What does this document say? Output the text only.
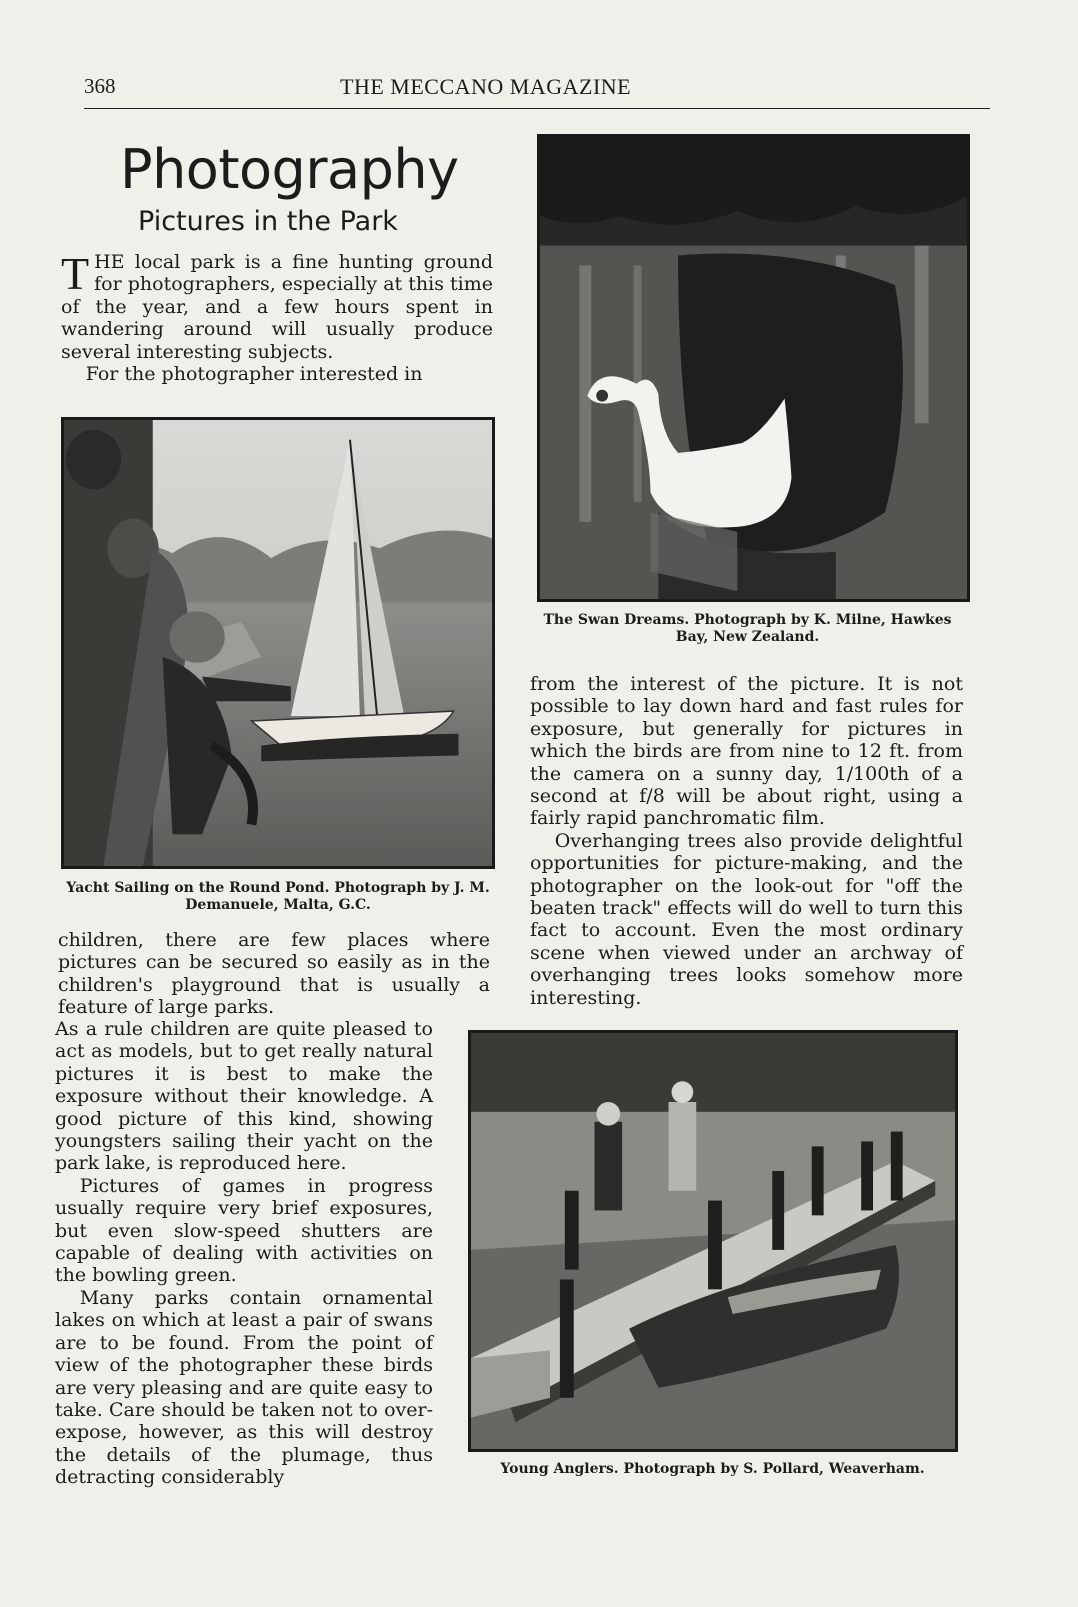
368	THE MECCANO MAGAZINE
Photography
Pictures in the Park

THE local park is a fine hunting ground for photographers, especially at this time of the year, and a few hours spent in wandering around will usually produce several interesting subjects.

For the photographer interested in

Yacht Sailing on the Round Pond. Photograph by J. M. Demanuele, Malta, G.C.

children, there are few places where pictures can be secured so easily as in the children's playground that is usually a feature of large parks.

As a rule children are quite pleased to act as models, but to get really natural pictures it is best to make the exposure without their knowledge. A good picture of this kind, showing youngsters sailing their yacht on the park lake, is reproduced here.

Pictures of games in progress usually require very brief exposures, but even slow-speed shutters are capable of dealing with activities on the bowling green.

Many parks contain ornamental lakes on which at least a pair of swans are to be found. From the point of view of the photographer these birds are very pleasing and are quite easy to take. Care should be taken not to over-expose, however, as this will destroy the details of the plumage, thus detracting considerably

The Swan Dreams. Photograph by K. Milne, Hawkes Bay, New Zealand.

from the interest of the picture. It is not possible to lay down hard and fast rules for exposure, but generally for pictures in which the birds are from nine to 12 ft. from the camera on a sunny day, 1/100th of a second at f/8 will be about right, using a fairly rapid panchromatic film.

Overhanging trees also provide delightful opportunities for picture-making, and the photographer on the look-out for "off the beaten track" effects will do well to turn this fact to account. Even the most ordinary scene when viewed under an archway of overhanging trees looks somehow more interesting.

Young Anglers. Photograph by S. Pollard, Weaverham.
